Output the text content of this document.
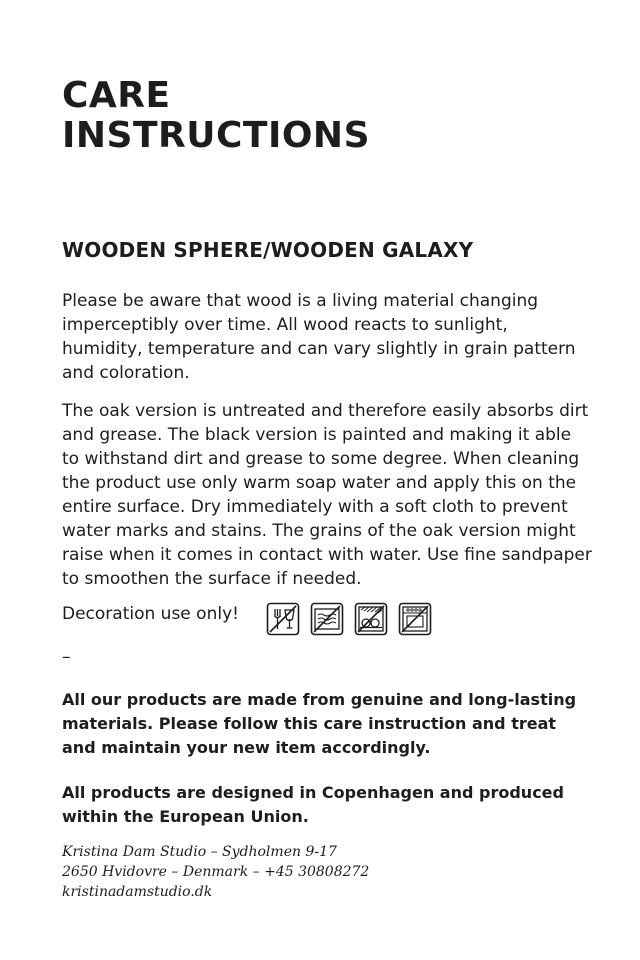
CARE
INSTRUCTIONS
WOODEN SPHERE/WOODEN GALAXY

Please be aware that wood is a living material changing imperceptibly over time. All wood reacts to sunlight, humidity, temperature and can vary slightly in grain pattern and coloration.

The oak version is untreated and therefore easily absorbs dirt and grease. The black version is painted and making it able to withstand dirt and grease to some degree. When cleaning the product use only warm soap water and apply this on the entire surface. Dry immediately with a soft cloth to prevent water marks and stains. The grains of the oak version might raise when it comes in contact with water. Use fine sandpaper to smoothen the surface if needed.

Decoration use only!
–

All our products are made from genuine and long-lasting materials. Please follow this care instruction and treat and maintain your new item accordingly.

All products are designed in Copenhagen and produced within the European Union.

Kristina Dam Studio – Sydholmen 9-17
2650 Hvidovre – Denmark – +45 30808272
kristinadamstudio.dk
